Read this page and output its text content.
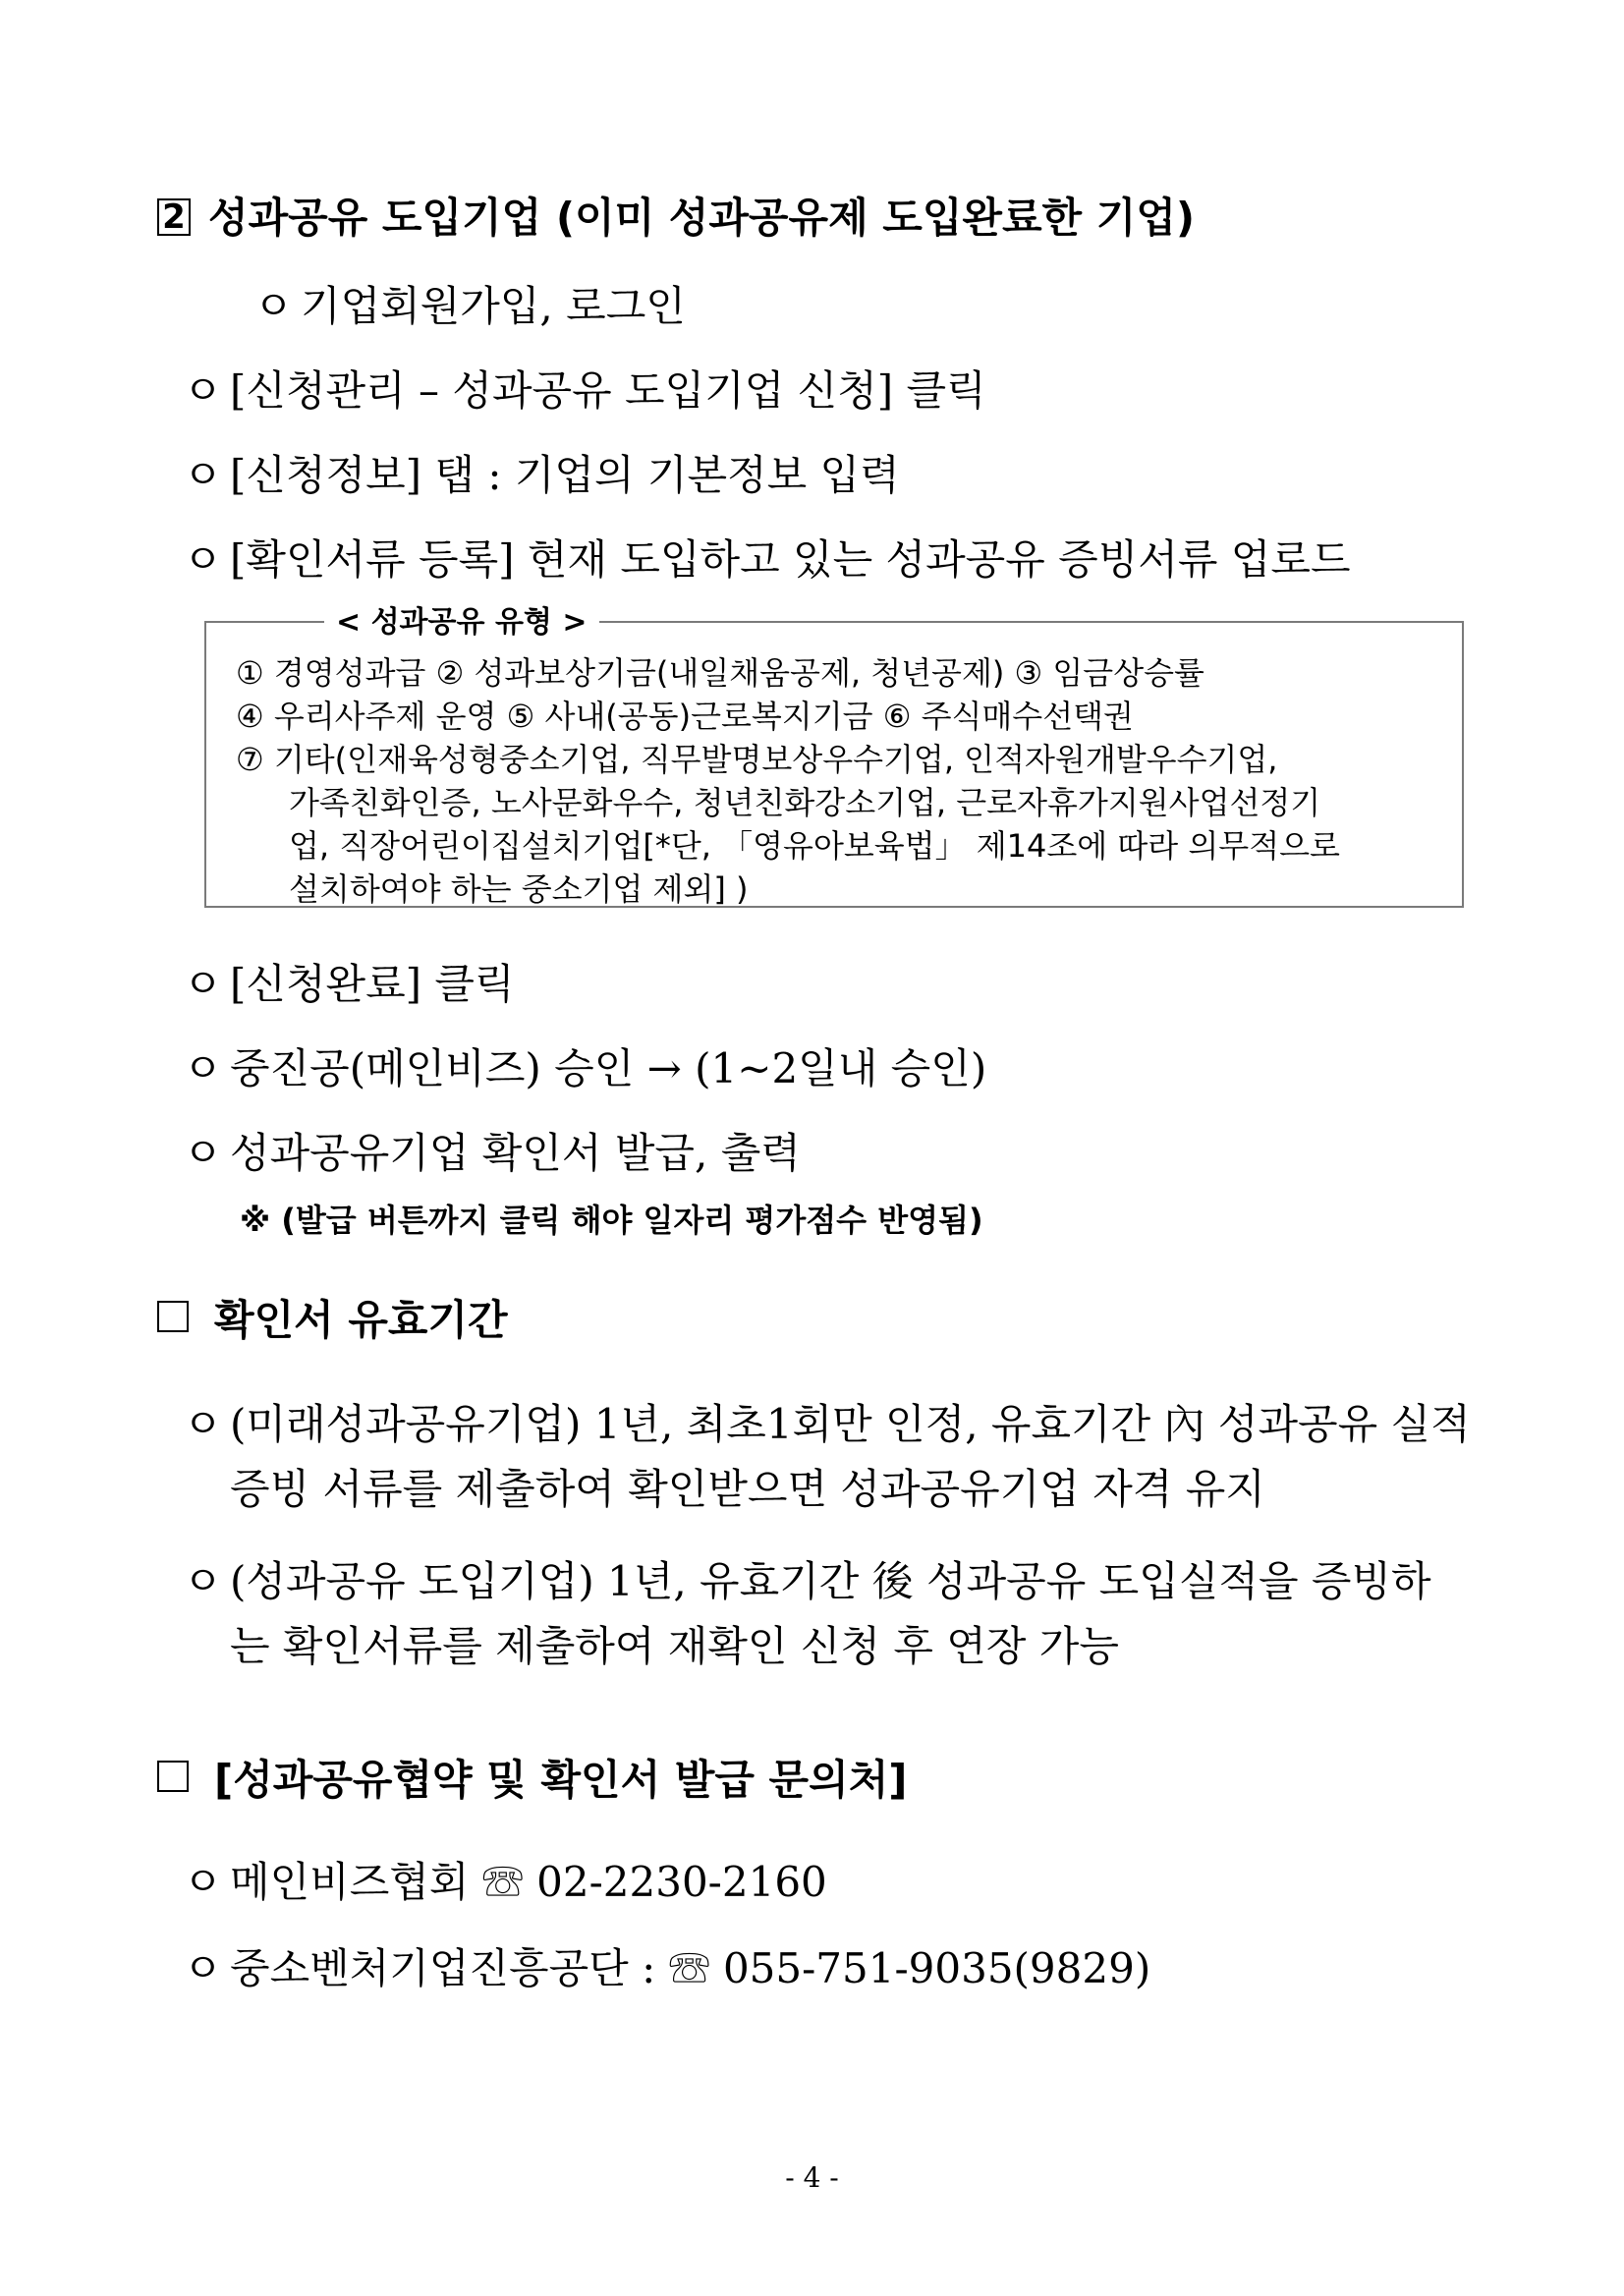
2 성과공유 도입기업 (이미 성과공유제 도입완료한 기업)
ㅇ 기업회원가입, 로그인
ㅇ [신청관리 – 성과공유 도입기업 신청] 클릭
ㅇ [신청정보] 탭 : 기업의 기본정보 입력
ㅇ [확인서류 등록] 현재 도입하고 있는 성과공유 증빙서류 업로드
< 성과공유 유형 >
① 경영성과급 ② 성과보상기금(내일채움공제, 청년공제) ③ 임금상승률
④ 우리사주제 운영 ⑤ 사내(공동)근로복지기금 ⑥ 주식매수선택권
⑦ 기타(인재육성형중소기업, 직무발명보상우수기업, 인적자원개발우수기업,
가족친화인증, 노사문화우수, 청년친화강소기업, 근로자휴가지원사업선정기
업, 직장어린이집설치기업[*단, 「영유아보육법」 제14조에 따라 의무적으로
설치하여야 하는 중소기업 제외] )
ㅇ [신청완료] 클릭
ㅇ 중진공(메인비즈) 승인 → (1~2일내 승인)
ㅇ 성과공유기업 확인서 발급, 출력
※ (발급 버튼까지 클릭 해야 일자리 평가점수 반영됨)
확인서 유효기간
ㅇ (미래성과공유기업) 1년, 최초1회만 인정, 유효기간 內 성과공유 실적
증빙 서류를 제출하여 확인받으면 성과공유기업 자격 유지
ㅇ (성과공유 도입기업) 1년, 유효기간 後 성과공유 도입실적을 증빙하
는 확인서류를 제출하여 재확인 신청 후 연장 가능
[성과공유협약 및 확인서 발급 문의처]
ㅇ 메인비즈협회 ☏ 02-2230-2160
ㅇ 중소벤처기업진흥공단 : ☏ 055-751-9035(9829)
- 4 -
